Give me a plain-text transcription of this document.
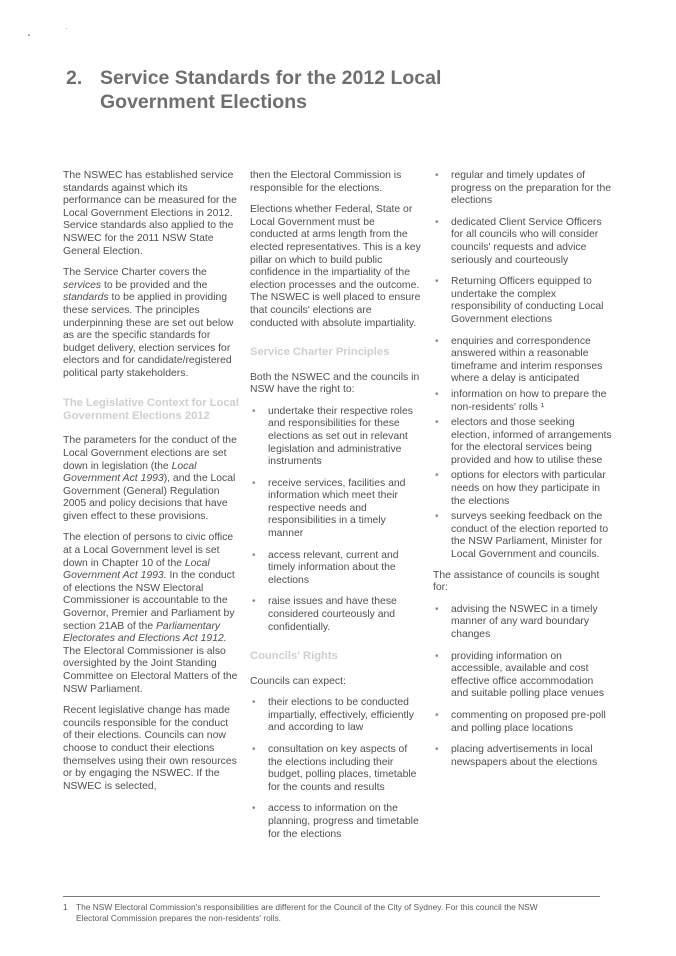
2. Service Standards for the 2012 Local
Government Elections

The NSWEC has established service standards against which its performance can be measured for the Local Government Elections in 2012. Service standards also applied to the NSWEC for the 2011 NSW State General Election.

The Service Charter covers the services to be provided and the standards to be applied in providing these services. The principles underpinning these are set out below as are the specific standards for budget delivery, election services for electors and for candidate/registered political party stakeholders.

The Legislative Context for Local Government Elections 2012

The parameters for the conduct of the Local Government elections are set down in legislation (the Local Government Act 1993), and the Local Government (General) Regulation 2005 and policy decisions that have given effect to these provisions.

The election of persons to civic office at a Local Government level is set down in Chapter 10 of the Local Government Act 1993. In the conduct of elections the NSW Electoral Commissioner is accountable to the Governor, Premier and Parliament by section 21AB of the Parliamentary Electorates and Elections Act 1912. The Electoral Commissioner is also oversighted by the Joint Standing Committee on Electoral Matters of the NSW Parliament.

Recent legislative change has made councils responsible for the conduct of their elections. Councils can now choose to conduct their elections themselves using their own resources or by engaging the NSWEC. If the NSWEC is selected,

then the Electoral Commission is responsible for the elections.

Elections whether Federal, State or Local Government must be conducted at arms length from the elected representatives. This is a key pillar on which to build public confidence in the impartiality of the election processes and the outcome. The NSWEC is well placed to ensure that councils' elections are conducted with absolute impartiality.

Service Charter Principles

Both the NSWEC and the councils in NSW have the right to:

• undertake their respective roles and responsibilities for these elections as set out in relevant legislation and administrative instruments
• receive services, facilities and information which meet their respective needs and responsibilities in a timely manner
• access relevant, current and timely information about the elections
• raise issues and have these considered courteously and confidentially.
Councils' Rights

Councils can expect:

• their elections to be conducted impartially, effectively, efficiently and according to law
• consultation on key aspects of the elections including their budget, polling places, timetable for the counts and results
• access to information on the planning, progress and timetable for the elections
• regular and timely updates of progress on the preparation for the elections
• dedicated Client Service Officers for all councils who will consider councils' requests and advice seriously and courteously
• Returning Officers equipped to undertake the complex responsibility of conducting Local Government elections
• enquiries and correspondence answered within a reasonable timeframe and interim responses where a delay is anticipated
• information on how to prepare the non-residents' rolls ¹
• electors and those seeking election, informed of arrangements for the electoral services being provided and how to utilise these
• options for electors with particular needs on how they participate in the elections
• surveys seeking feedback on the conduct of the election reported to the NSW Parliament, Minister for Local Government and councils.

The assistance of councils is sought for:

• advising the NSWEC in a timely manner of any ward boundary changes
• providing information on accessible, available and cost effective office accommodation and suitable polling place venues
• commenting on proposed pre-poll and polling place locations
• placing advertisements in local newspapers about the elections
1 The NSW Electoral Commission's responsibilities are different for the Council of the City of Sydney. For this council the NSW
Electoral Commission prepares the non-residents' rolls.
